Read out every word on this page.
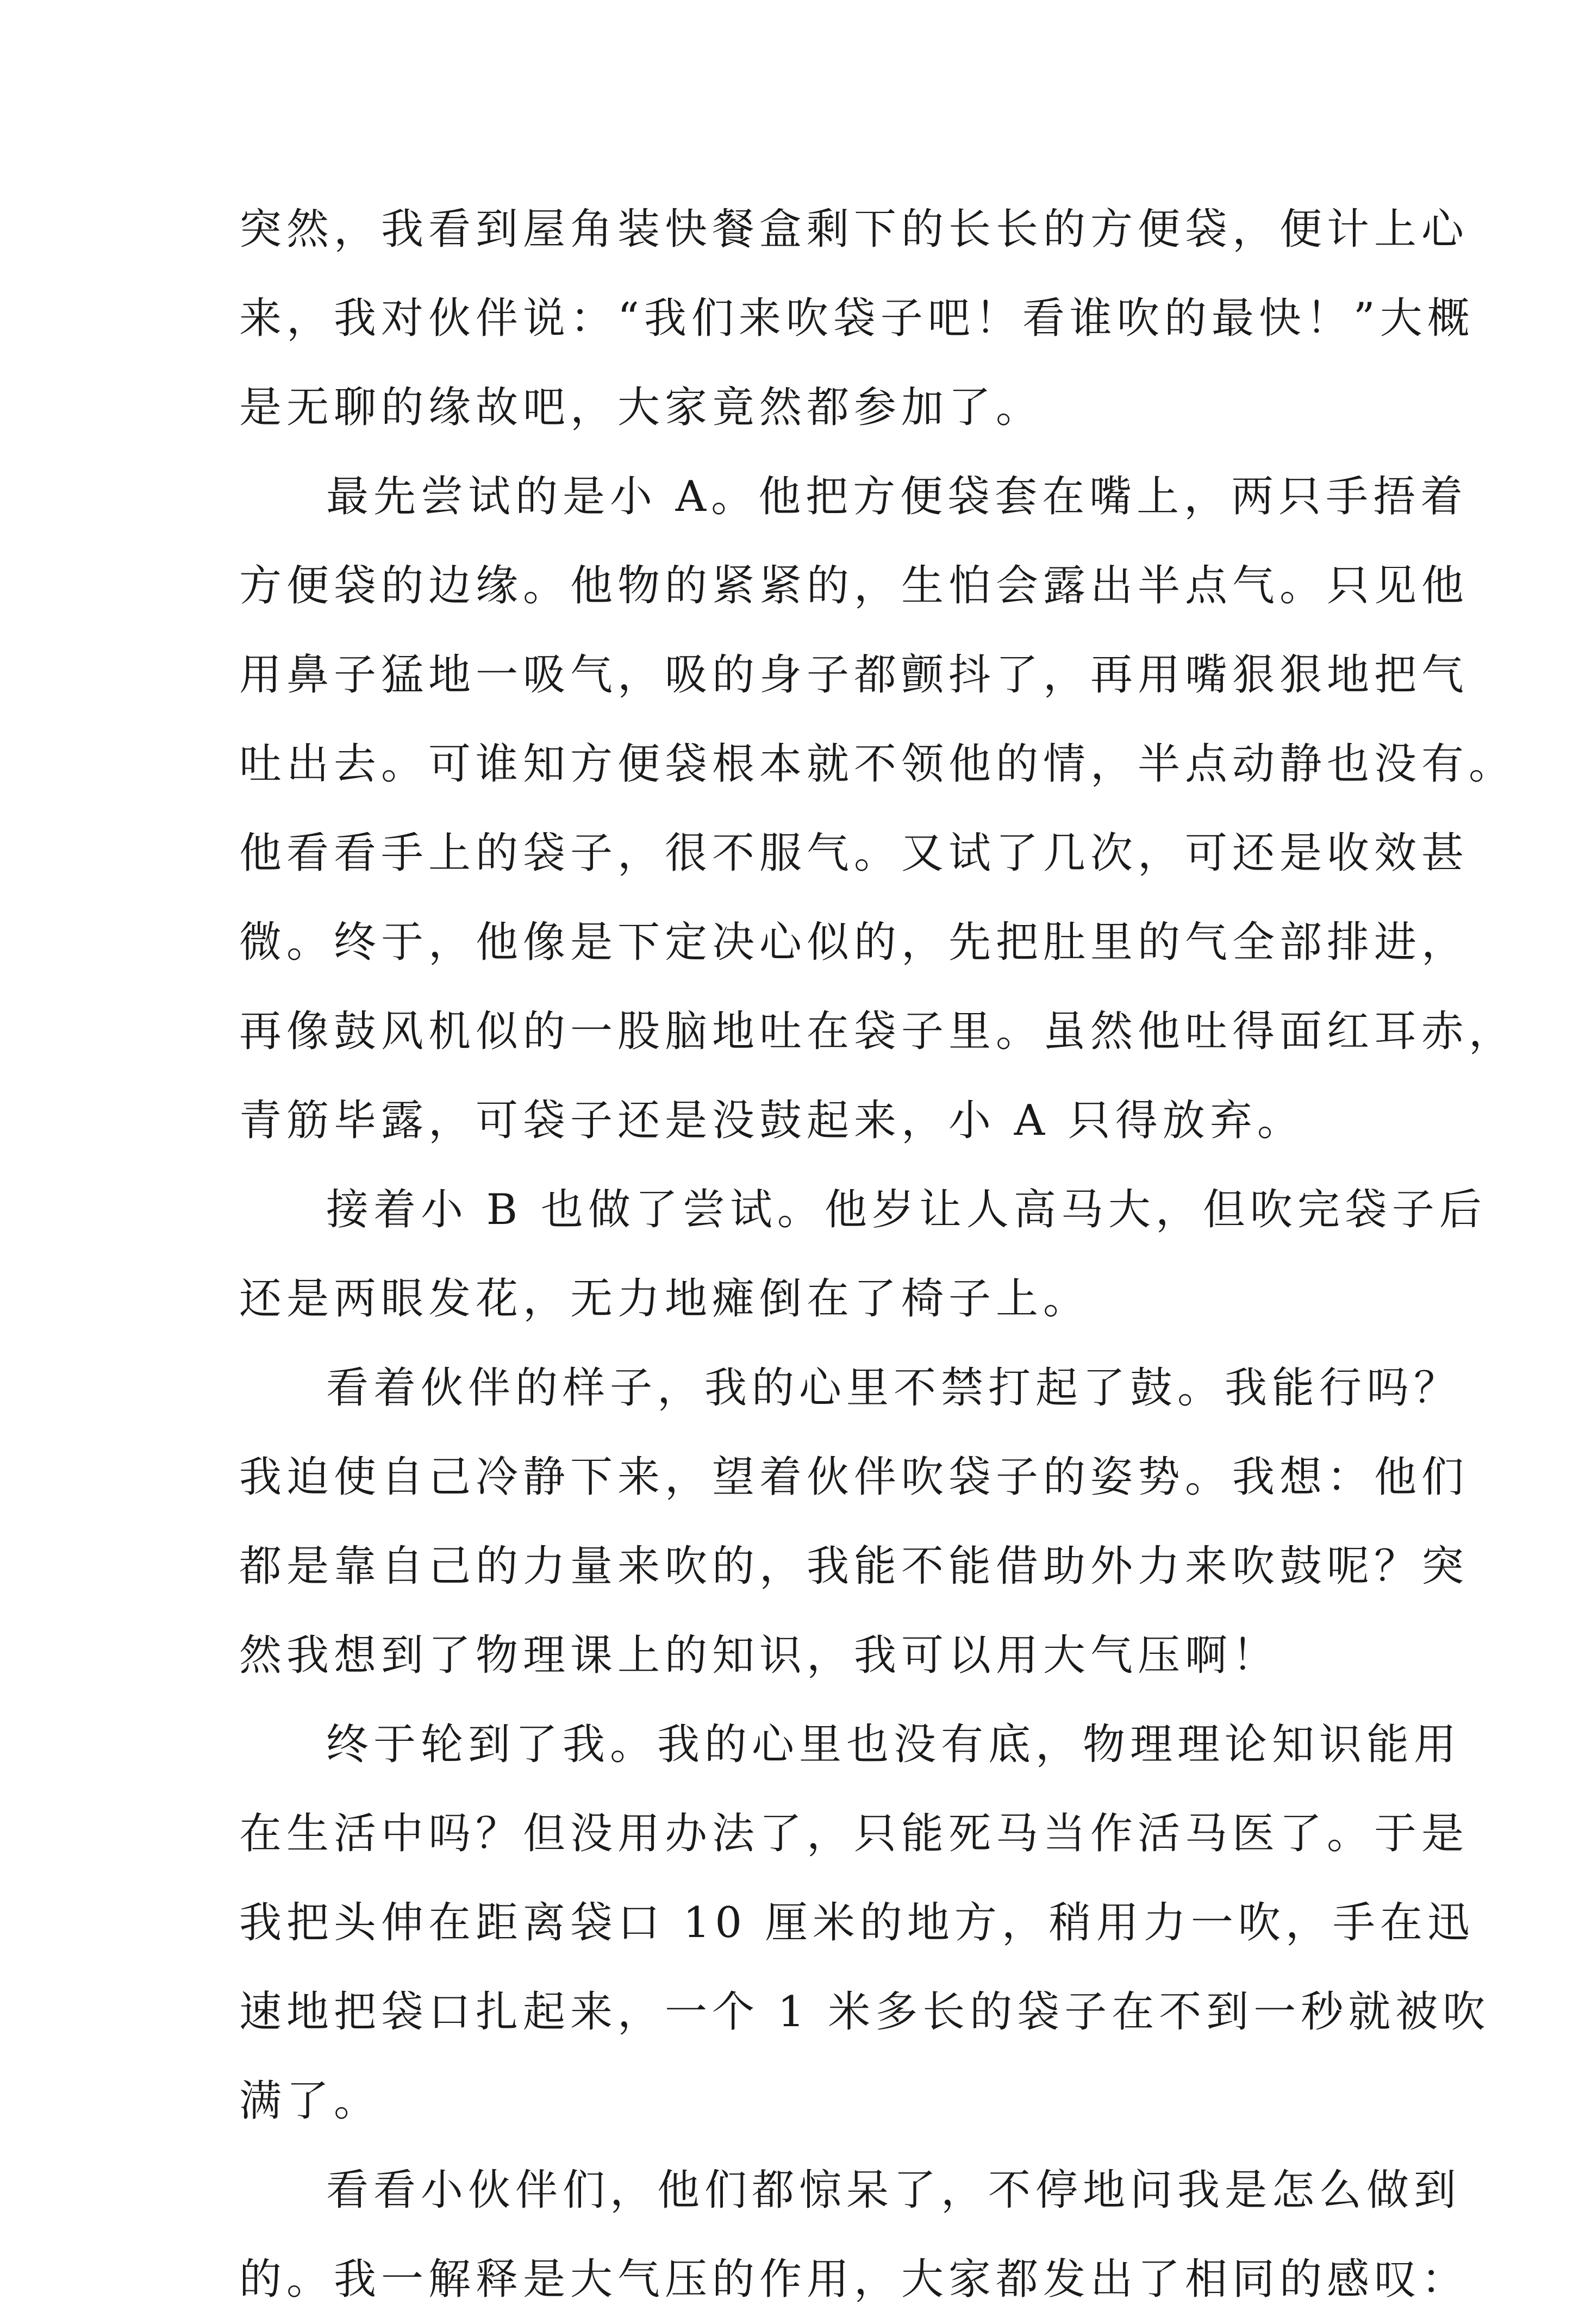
突然，我看到屋角装快餐盒剩下的长长的方便袋，便计上心
来，我对伙伴说：“我们来吹袋子吧！看谁吹的最快！”大概
是无聊的缘故吧，大家竟然都参加了。
最先尝试的是小 A。他把方便袋套在嘴上，两只手捂着
方便袋的边缘。他物的紧紧的，生怕会露出半点气。只见他
用鼻子猛地一吸气，吸的身子都颤抖了，再用嘴狠狠地把气
吐出去。可谁知方便袋根本就不领他的情，半点动静也没有。
他看看手上的袋子，很不服气。又试了几次，可还是收效甚
微。终于，他像是下定决心似的，先把肚里的气全部排进，
再像鼓风机似的一股脑地吐在袋子里。虽然他吐得面红耳赤，
青筋毕露，可袋子还是没鼓起来，小 A 只得放弃。
接着小 B 也做了尝试。他岁让人高马大，但吹完袋子后
还是两眼发花，无力地瘫倒在了椅子上。
看着伙伴的样子，我的心里不禁打起了鼓。我能行吗？
我迫使自己冷静下来，望着伙伴吹袋子的姿势。我想：他们
都是靠自己的力量来吹的，我能不能借助外力来吹鼓呢？突
然我想到了物理课上的知识，我可以用大气压啊！
终于轮到了我。我的心里也没有底，物理理论知识能用
在生活中吗？但没用办法了，只能死马当作活马医了。于是
我把头伸在距离袋口 10 厘米的地方，稍用力一吹，手在迅
速地把袋口扎起来，一个 1 米多长的袋子在不到一秒就被吹
满了。
看看小伙伴们，他们都惊呆了，不停地问我是怎么做到
的。我一解释是大气压的作用，大家都发出了相同的感叹：
